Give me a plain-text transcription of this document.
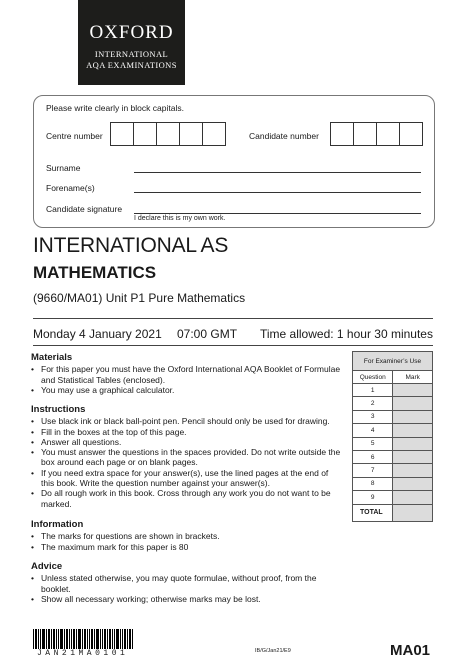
OXFORD
INTERNATIONAL
AQA EXAMINATIONS
Please write clearly in block capitals.
Centre number	Candidate number
Surname
Forename(s)
Candidate signature
I declare this is my own work.
INTERNATIONAL AS
MATHEMATICS
(9660/MA01) Unit P1 Pure Mathematics
Monday 4 January 2021 07:00 GMT Time allowed: 1 hour 30 minutes
Materials
• For this paper you must have the Oxford International AQA Booklet of Formulae and Statistical Tables (enclosed).
• You may use a graphical calculator.
Instructions
• Use black ink or black ball-point pen. Pencil should only be used for drawing.
• Fill in the boxes at the top of this page.
• Answer all questions.
• You must answer the questions in the spaces provided. Do not write outside the box around each page or on blank pages.
• If you need extra space for your answer(s), use the lined pages at the end of this book. Write the question number against your answer(s).
• Do all rough work in this book. Cross through any work you do not want to be marked.
Information
• The marks for questions are shown in brackets.
• The maximum mark for this paper is 80
Advice
• Unless stated otherwise, you may quote formulae, without proof, from the booklet.
• Show all necessary working; otherwise marks may be lost.
For Examiner’s Use	
Question	Mark
1	
2	
3	
4	
5	
6	
7	
8	
9	
TOTAL	
JAN21MA0101	IB/G/Jan21/E9	MA01
